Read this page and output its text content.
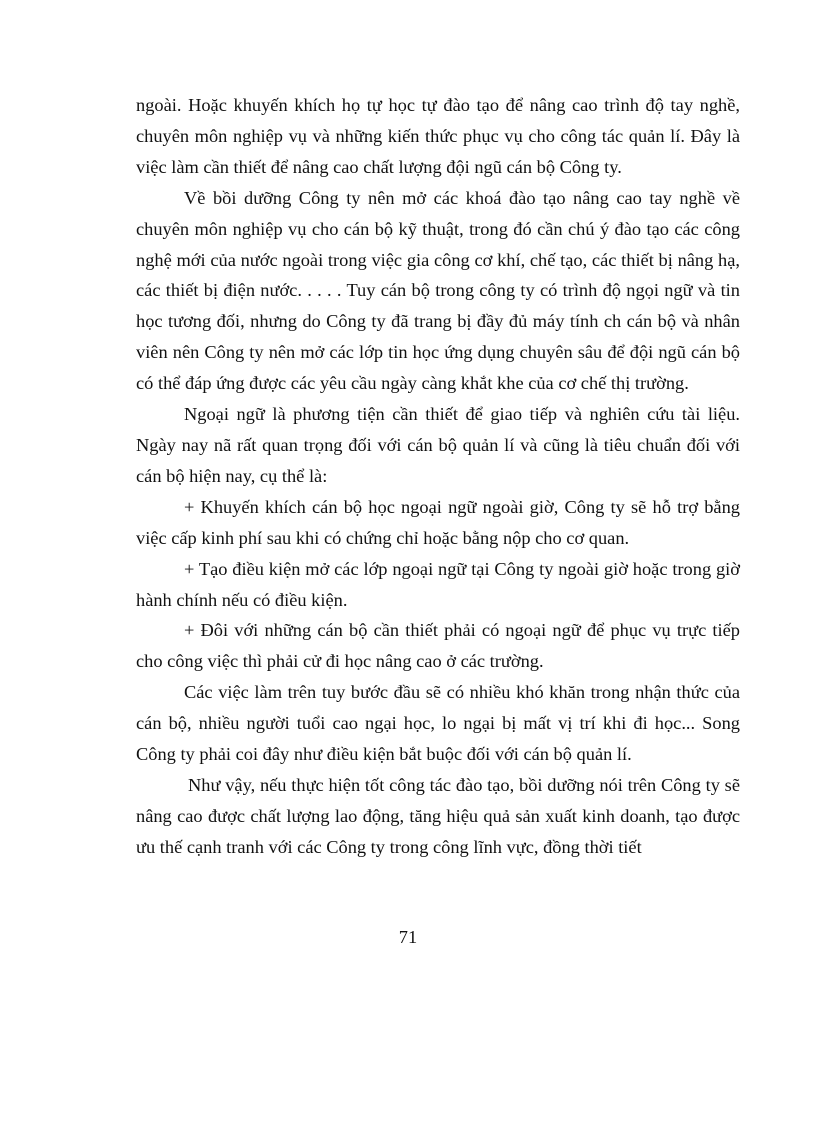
ngoài. Hoặc khuyến khích họ tự học tự đào tạo để nâng cao trình độ tay nghề, chuyên môn nghiệp vụ và những kiến thức phục vụ cho công tác quản lí. Đây là việc làm cần thiết để nâng cao chất lượng đội ngũ cán bộ Công ty.

Về bồi dưỡng Công ty nên mở các khoá đào tạo nâng cao tay nghề về chuyên môn nghiệp vụ cho cán bộ kỹ thuật, trong đó cần chú ý đào tạo các công nghệ mới của nước ngoài trong việc gia công cơ khí, chế tạo, các thiết bị nâng hạ, các thiết bị điện nước. . . . . Tuy cán bộ trong công ty có trình độ ngọi ngữ và tin học tương đối, nhưng do Công ty đã trang bị đầy đủ máy tính ch cán bộ và nhân viên nên Công ty nên mở các lớp tin học ứng dụng chuyên sâu để đội ngũ cán bộ có thể đáp ứng được các yêu cầu ngày càng khắt khe của cơ chế thị trường.

Ngoại ngữ là phương tiện cần thiết để giao tiếp và nghiên cứu tài liệu. Ngày nay nã rất quan trọng đối với cán bộ quản lí và cũng là tiêu chuẩn đối với cán bộ hiện nay, cụ thể là:

+ Khuyến khích cán bộ học ngoại ngữ ngoài giờ, Công ty sẽ hỗ trợ bằng việc cấp kinh phí sau khi có chứng chỉ hoặc bằng nộp cho cơ quan.

+ Tạo điều kiện mở các lớp ngoại ngữ tại Công ty ngoài giờ hoặc trong giờ hành chính nếu có điều kiện.

+ Đôi với những cán bộ cần thiết phải có ngoại ngữ để phục vụ trực tiếp cho công việc thì phải cử đi học nâng cao ở các trường.

Các việc làm trên tuy bước đầu sẽ có nhiều khó khăn trong nhận thức của cán bộ, nhiều người tuổi cao ngại học, lo ngại bị mất vị trí khi đi học... Song Công ty phải coi đây như điều kiện bắt buộc đối với cán bộ quản lí.

Như vậy, nếu thực hiện tốt công tác đào tạo, bồi dưỡng nói trên Công ty sẽ nâng cao được chất lượng lao động, tăng hiệu quả sản xuất kinh doanh, tạo được ưu thế cạnh tranh với các Công ty trong công lĩnh vực, đồng thời tiết

71
